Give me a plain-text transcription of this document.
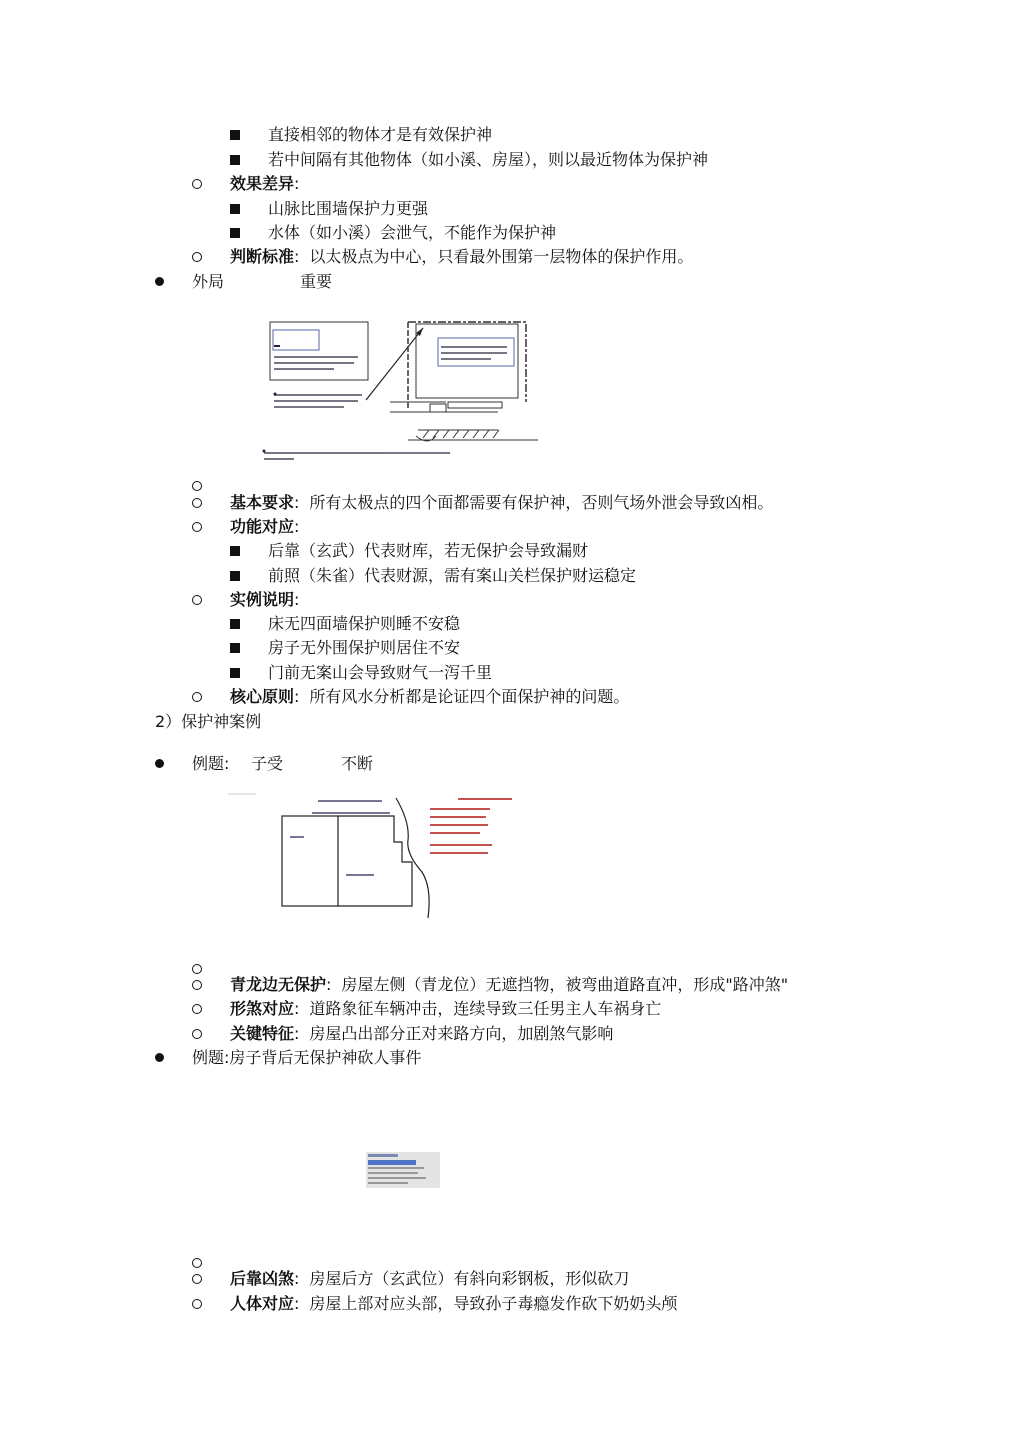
直接相邻的物体才是有效保护神
若中间隔有其他物体（如小溪、房屋），则以最近物体为保护神
效果差异:
山脉比围墙保护力更强
水体（如小溪）会泄气，不能作为保护神
判断标准: 以太极点为中心，只看最外围第一层物体的保护作用。
外局	重要
基本要求: 所有太极点的四个面都需要有保护神，否则气场外泄会导致凶相。
功能对应:
后靠（玄武）代表财库，若无保护会导致漏财
前照（朱雀）代表财源，需有案山关栏保护财运稳定
实例说明:
床无四面墙保护则睡不安稳
房子无外围保护则居住不安
门前无案山会导致财气一泻千里
核心原则: 所有风水分析都是论证四个面保护神的问题。
2）保护神案例
例题: 子受	不断
青龙边无保护: 房屋左侧（青龙位）无遮挡物，被弯曲道路直冲，形成"路冲煞"
形煞对应: 道路象征车辆冲击，连续导致三任男主人车祸身亡
关键特征: 房屋凸出部分正对来路方向，加剧煞气影响
例题:房子背后无保护神砍人事件
后靠凶煞: 房屋后方（玄武位）有斜向彩钢板，形似砍刀
人体对应: 房屋上部对应头部，导致孙子毒瘾发作砍下奶奶头颅
